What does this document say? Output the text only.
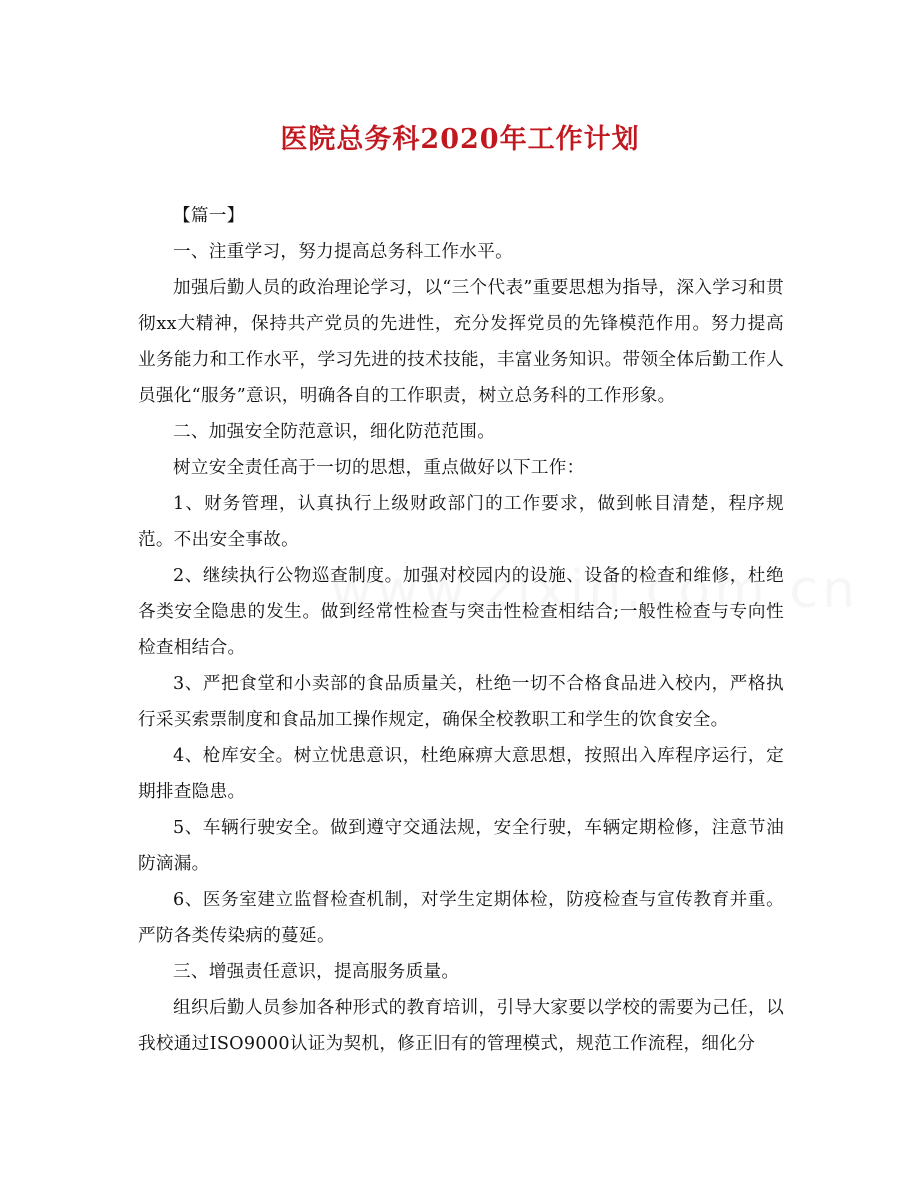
医院总务科2020年工作计划

【篇一】

一、注重学习，努力提高总务科工作水平。

加强后勤人员的政治理论学习，以“三个代表”重要思想为指导，深入学习和贯彻xx大精神，保持共产党员的先进性，充分发挥党员的先锋模范作用。努力提高业务能力和工作水平，学习先进的技术技能，丰富业务知识。带领全体后勤工作人员强化“服务”意识，明确各自的工作职责，树立总务科的工作形象。

二、加强安全防范意识，细化防范范围。

树立安全责任高于一切的思想，重点做好以下工作：

1、财务管理，认真执行上级财政部门的工作要求，做到帐目清楚，程序规范。不出安全事故。

2、继续执行公物巡查制度。加强对校园内的设施、设备的检查和维修，杜绝各类安全隐患的发生。做到经常性检查与突击性检查相结合;一般性检查与专向性检查相结合。

3、严把食堂和小卖部的食品质量关，杜绝一切不合格食品进入校内，严格执行采买索票制度和食品加工操作规定，确保全校教职工和学生的饮食安全。

4、枪库安全。树立忧患意识，杜绝麻痹大意思想，按照出入库程序运行，定期排查隐患。

5、车辆行驶安全。做到遵守交通法规，安全行驶，车辆定期检修，注意节油防滴漏。

6、医务室建立监督检查机制，对学生定期体检，防疫检查与宣传教育并重。严防各类传染病的蔓延。

三、增强责任意识，提高服务质量。

组织后勤人员参加各种形式的教育培训，引导大家要以学校的需要为己任，以我校通过ISO9000认证为契机，修正旧有的管理模式，规范工作流程，细化分
